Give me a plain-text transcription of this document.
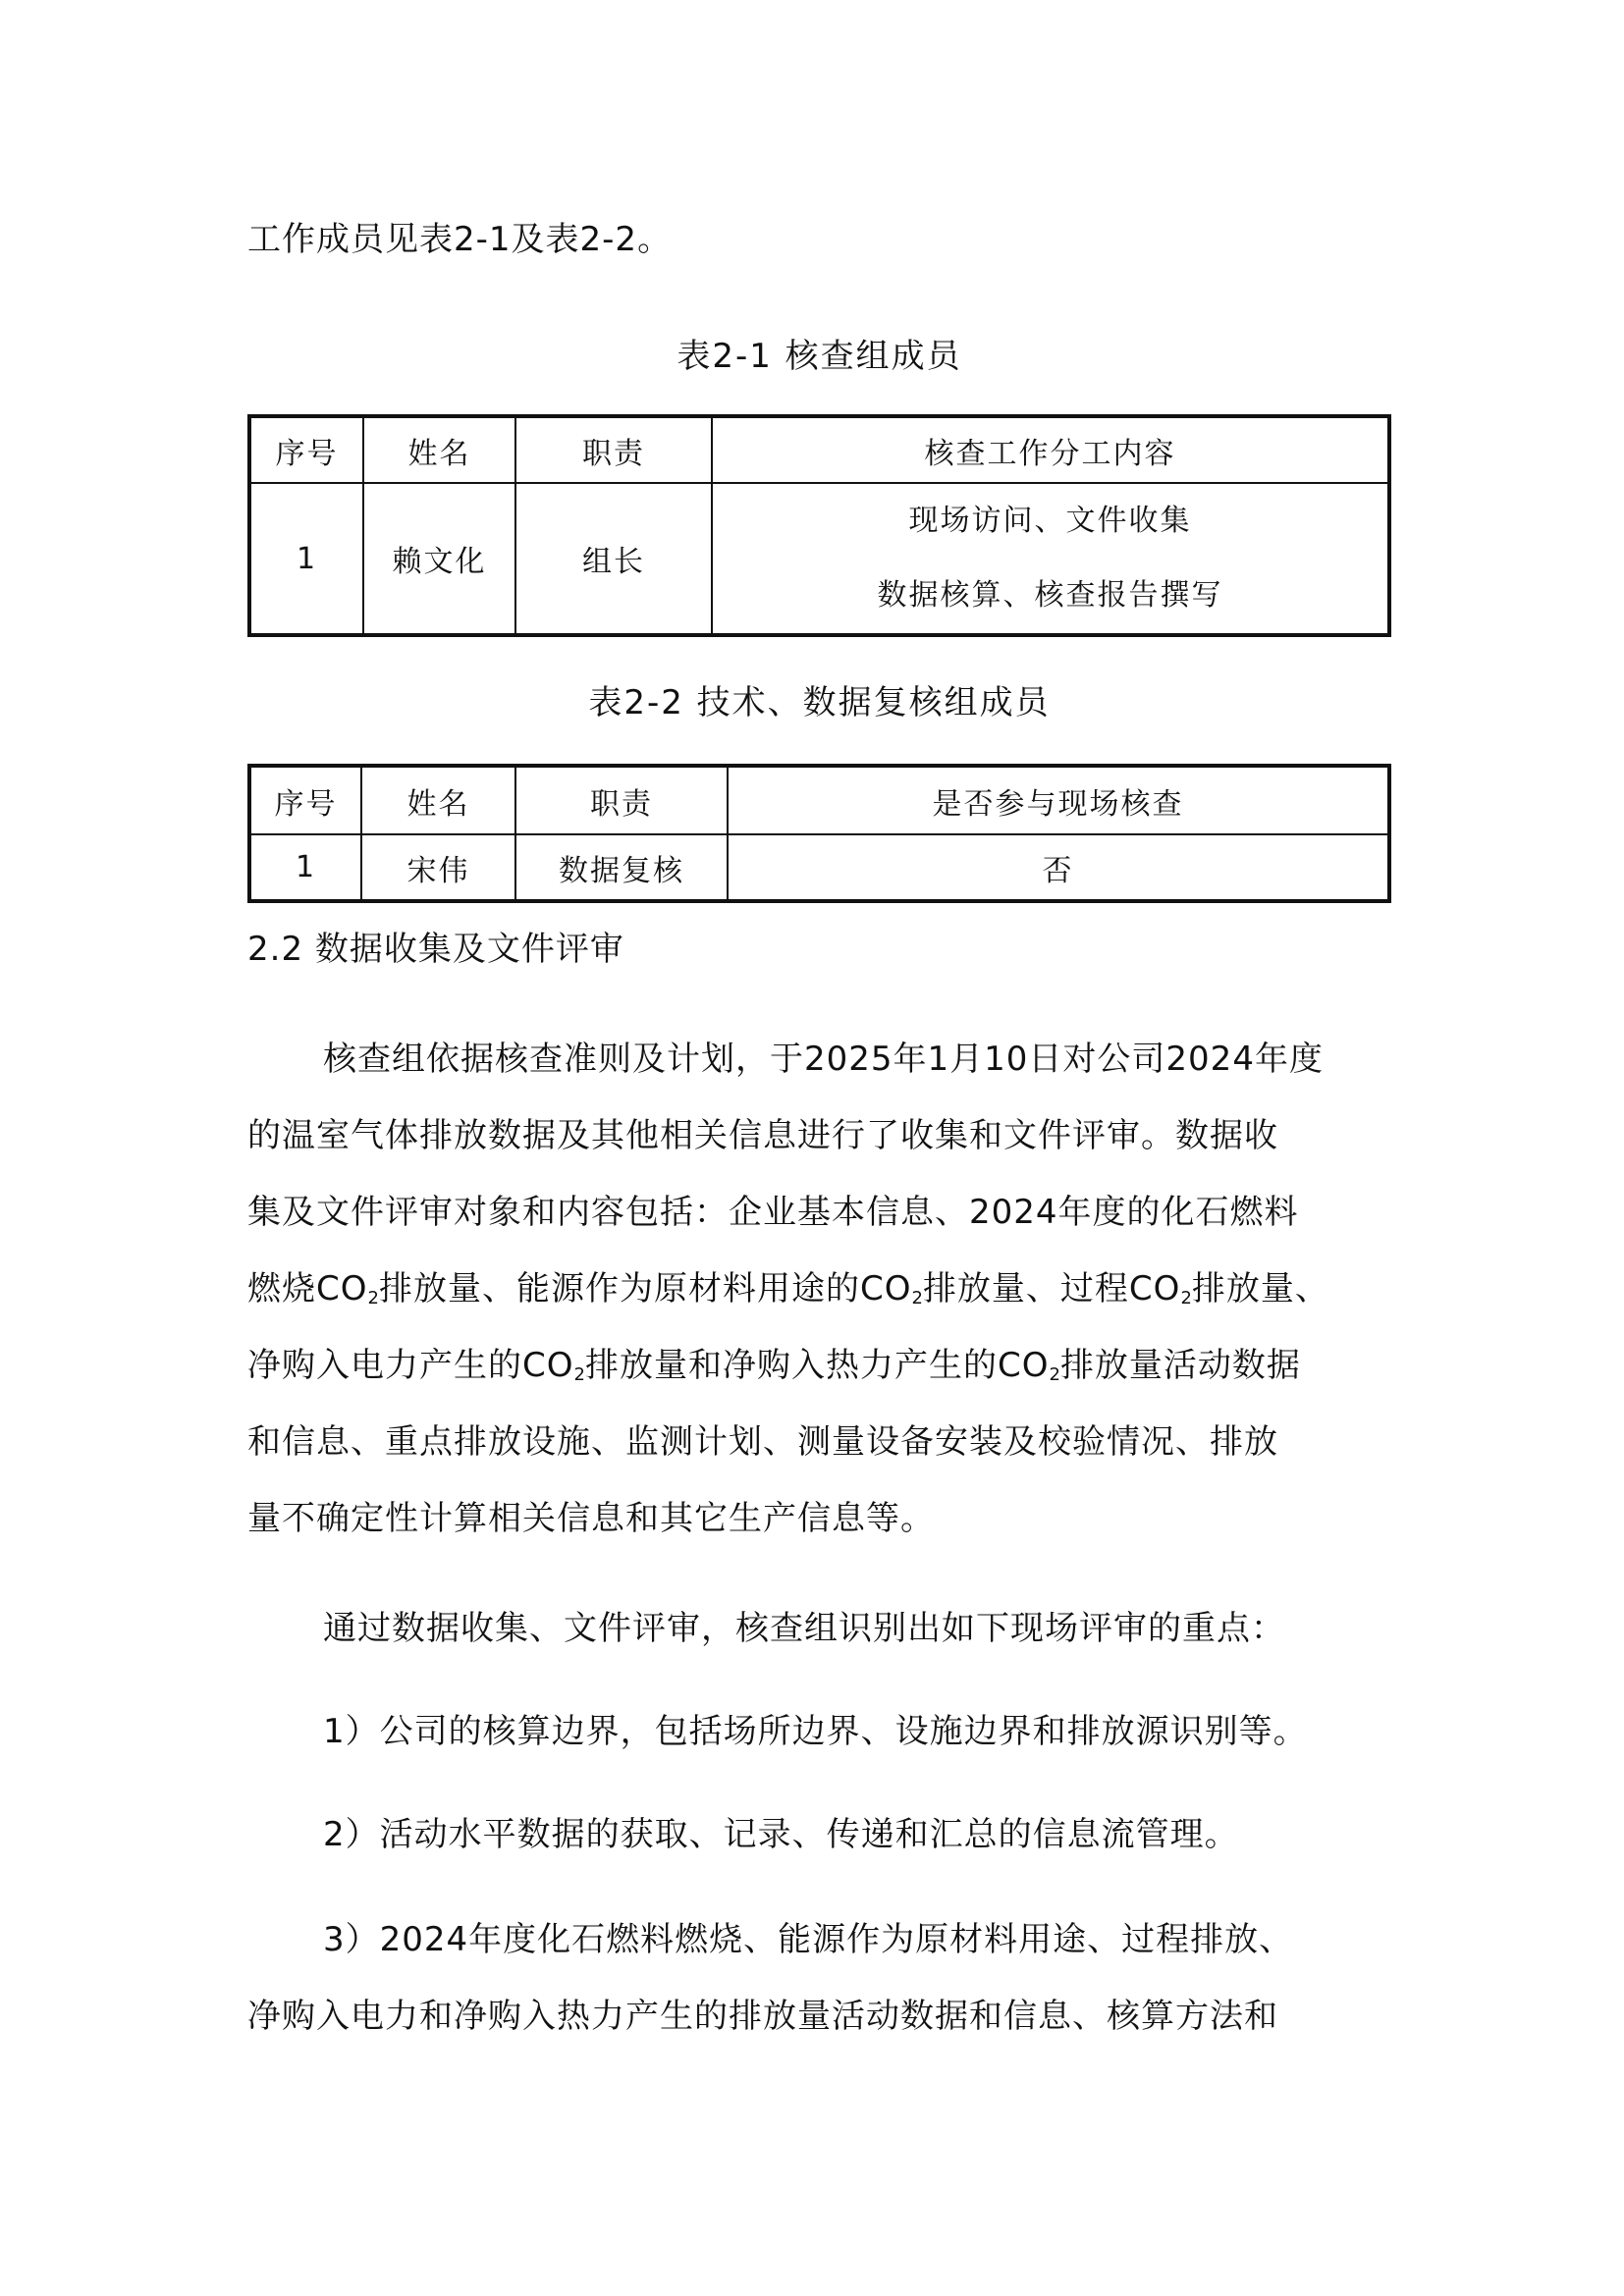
工作成员见表2-1及表2-2。

表2-1 核查组成员

序号	姓名	职责	核查工作分工内容
1	赖文化	组长	现场访问、文件收集
数据核算、核查报告撰写

表2-2 技术、数据复核组成员

序号	姓名	职责	是否参与现场核查
1	宋伟	数据复核	否

2.2 数据收集及文件评审

核查组依据核查准则及计划，于2025年1月10日对公司2024年度

的温室气体排放数据及其他相关信息进行了收集和文件评审。数据收

集及文件评审对象和内容包括：企业基本信息、2024年度的化石燃料

燃烧$CO_2$排放量、能源作为原材料用途的$CO_2$排放量、过程$CO_2$排放量、

净购入电力产生的$CO_2$排放量和净购入热力产生的$CO_2$排放量活动数据

和信息、重点排放设施、监测计划、测量设备安装及校验情况、排放

量不确定性计算相关信息和其它生产信息等。

通过数据收集、文件评审，核查组识别出如下现场评审的重点：

1）公司的核算边界，包括场所边界、设施边界和排放源识别等。

2）活动水平数据的获取、记录、传递和汇总的信息流管理。

3）2024年度化石燃料燃烧、能源作为原材料用途、过程排放、

净购入电力和净购入热力产生的排放量活动数据和信息、核算方法和
